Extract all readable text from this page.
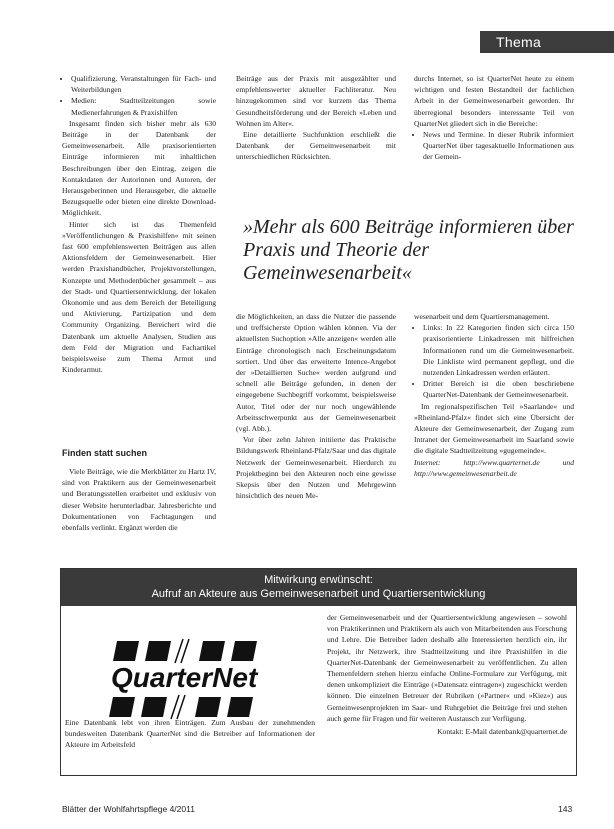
Thema
• Qualifizierung, Veranstaltungen für Fach- und Weiterbildungen
• Medien: Stadtteilzeitungen sowie Medienerfahrungen & Praxishilfen

Insgesamt finden sich bisher mehr als 630 Beiträge in der Datenbank der Gemeinwesenarbeit. Alle praxisorientierten Einträge informieren mit inhaltlichen Beschreibungen über den Eintrag, zeigen die Kontaktdaten der Autorinnen und Autoren, der Herausgeberinnen und Herausgeber, die aktuelle Bezugsquelle oder bieten eine direkte Download-Möglichkeit.

Hinter sich ist das Themenfeld »Veröffentlichungen & Praxishilfen« mit seinen fast 600 empfehlenswerten Beiträgen aus allen Aktionsfeldern der Gemeinwesenarbeit. Hier werden Praxishandbücher, Projektvorstellungen, Konzepte und Methodenbücher gesammelt – aus der Stadt- und Quartiersentwicklung, der lokalen Ökonomie und aus dem Bereich der Beteiligung und Aktivierung, Partizipation und dem Community Organizing. Bereichert wird die Datenbank um aktuelle Analysen, Studien aus dem Feld der Migration und Fachartikel beispielsweise zum Thema Armut und Kinderarmut.

Beiträge aus der Praxis mit ausgezählter und empfehlenswerter aktueller Fachliteratur. Neu hinzugekommen sind vor kurzem das Thema Gesundheitsförderung und der Bereich »Leben und Wohnen im Alter«.

Eine detaillierte Suchfunktion erschließt die Datenbank der Gemeinwesenarbeit mit unterschiedlichen Rücksichten.

durchs Internet, so ist QuarterNet heute zu einem wichtigen und festen Bestandteil der fachlichen Arbeit in der Gemeinwesenarbeit geworden. Ihr überregional besonders interessante Teil von QuarterNet gliedert sich in die Bereiche:

• News und Termine. In dieser Rubrik informiert QuarterNet über tagesaktuelle Informationen aus der Gemein-
»Mehr als 600 Beiträge informieren über Praxis und Theorie der Gemeinwesenarbeit«

die Möglichkeiten, an dass die Nutzer die passende und treffsicherste Option wählen können. Via der aktuellsten Suchoption »Alle anzeigen« werden alle Einträge chronologisch nach Erscheinungsdatum sortiert. Und über das erweiterte Intence-Angebot der »Detaillierten Suche« werden aufgrund und schnell alle Beiträge gefunden, in denen der eingegebene Suchbegriff vorkommt, beispielsweise Autor, Titel oder der nur noch ungewählende Arbeitsschwerpunkt aus der Gemeinwesenarbeit (vgl. Abb.).

Vor über zehn Jahren initiierte das Praktische Bildungswerk Rheinland-Pfalz/Saar und das digitale Netzwerk der Gemeinwesenarbeit. Hierdurch zu Projektbeginn bei den Akteuren noch eine gewisse Skepsis über den Nutzen und Mehrgewinn hinsichtlich des neuen Me-

wesenarbeit und dem Quartiersmanagement.

• Links: In 22 Kategorien finden sich circa 150 praxisorientierte Linkadressen mit hilfreichen Informationen rund um die Gemeinwesenarbeit. Die Linkliste wird permanent gepflegt, und die nutzenden Linkadressen werden erläutert.
• Dritter Bereich ist die oben beschriebene QuarterNet-Datenbank der Gemeinwesenarbeit.

Im regionalspezifischen Teil »Saarlande« und »Rheinland-Pfalz« findet sich eine Übersicht der Akteure der Gemeinwesenarbeit, der Zugang zum Intranet der Gemeinwesenarbeit im Saarland sowie die digitale Stadtteilzeitung »gugemeinde«.

Internet: http://www.quarternet.de und http://www.gemeinwesenarbeit.de

Finden statt suchen

Viele Beiträge, wie die Merkblätter zu Hartz IV, sind von Praktikern aus der Gemeinwesenarbeit und Beratungsstellen erarbeitet und exklusiv von dieser Website herunterladbar. Jahresberichte und Dokumentationen von Fachtagungen und ebenfalls verlinkt. Ergänzt werden die

Mitwirkung erwünscht:
Aufruf an Akteure aus Gemeinwesenarbeit und Quartiersentwicklung
QuarterNet
Eine Datenbank lebt von ihren Einträgen. Zum Ausbau der zunehmenden bundesweiten Datenbank QuarterNet sind die Betreiber auf Informationen der Akteure im Arbeitsfeld
der Gemeinwesenarbeit und der Quartiersentwicklung angewiesen – sowohl von Praktikerinnen und Praktikern als auch von Mitarbeitenden aus Forschung und Lehre. Die Betreiber laden deshalb alle Interessierten herzlich ein, ihr Projekt, ihr Netzwerk, ihre Stadtteilzeitung und ihre Praxishilfen in die QuarterNet-Datenbank der Gemeinwesenarbeit zu veröffentlichen. Zu allen Themenfeldern stehen hierzu einfache Online-Formulare zur Verfügung, mit denen unkompliziert die Einträge (»Datensatz eintragen«) zugeschickt werden können. Die einzelnen Betreuer der Rubriken (»Partner« und »Kiez«) aus Gemeinwesenprojekten im Saar- und Ruhrgebiet die Beiträge frei und stehen auch gerne für Fragen und für weiteren Austausch zur Verfügung.
Kontakt: E-Mail datenbank@quarternet.de
Blätter der Wohlfahrtspflege 4/2011	143
